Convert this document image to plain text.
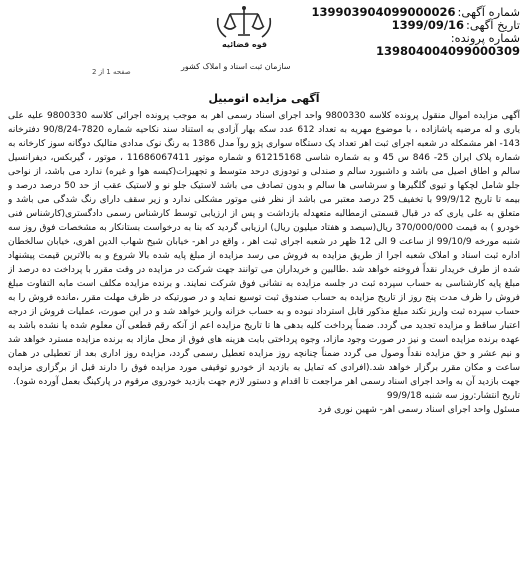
شماره آگهی:
13990390409900002​6
تاریخ آگهی:
1399/09/16
شماره پرونده:
13980400409900030​9
قوه قضائیه
سازمان ثبت اسناد و املاک کشور
صفحه 1 از 2
آگهی مزایده اتومبیل

آگهی مزایده اموال منقول پرونده کلاسه 9800330 واحد اجرای اسناد رسمی اهر به موجب پرونده اجرائی کلاسه 9800330 علیه علی یاری و له مرضیه پاشازاده ، با موضوع مهریه به تعداد 612 عدد سکه بهار آزادی به استناد سند نکاحیه شماره 7820-90/8/24 دفترخانه 143- اهر مشمکله در شعبه اجرای ثبت اهر تعداد یک دستگاه سواری پژو روآ مدل 1386 به رنگ نوک مدادی متالیک دوگانه سوز کارخانه به شماره پلاک ایران 25- 846 س 45 و به شماره شاسی 61215168 و شماره موتور 11686067411 ، موتور ، گیربکس، دیفرانسیل سالم و اطاق اصیل می باشد و داشبورد سالم و صندلی و تودوزی درحد متوسط و تجهیزات(کیسه هوا و غیره) ندارد می باشد، از نواحی جلو شامل لچکها و تیوی گلگیرها و سرشاسی ها سالم و بدون تصادف می باشد لاستیک جلو نو و لاستیک عقب از حد 50 درصد درصد و بیمه تا تاریخ 99/9/12 با تخفیف 25 درصد معتبر می باشد از نظر فنی موتور مشکلی ندارد و زیر سقف دارای رنگ شدگی می باشد و متعلق به علی یاری که در قبال قسمتی ازمطالبه متعهدله بازداشت و پس از ارزیابی توسط کارشناس رسمی دادگستری(کارشناس فنی خودرو ) به قیمت 370/000/000 ریال(سیصد و هفتاد میلیون ریال) ارزیابی گردید که بنا به درخواست بستانکار به مشخصات فوق روز سه شنبه مورخه 99/10/9 از ساعت 9 الی 12 ظهر در شعبه اجرای ثبت اهر ، واقع در اهر- خیابان شیخ شهاب الدین اهری، خیابان سالخطان اداره ثبت اسناد و املاک شعبه اجرا از طریق مزایده به فروش می رسد مزایده از مبلغ پایه شده بالا شروع و به بالاترین قیمت پیشنهاد شده از طرف خریدار نقداً فروخته خواهد شد .طالبین و خریداران می توانند جهت شرکت در مزایده در وقت مقرر با پرداخت ده درصد از مبلغ پایه کارشناسی به حساب سپرده ثبت در جلسه مزایده به نشانی فوق شرکت نمایند. و برنده مزایده مکلف است مابه التفاوت مبلغ فروش را ظرف مدت پنج روز از تاریخ مزایده به حساب صندوق ثبت توسیع نماید و در صورتیکه در ظرف مهلت مقرر ،مانده فروش را به حساب سپرده ثبت واریز نکند مبلغ مذکور قابل استرداد نبوده و به حساب خزانه واریز خواهد شد و در این صورت، عملیات فروش از درجه اعتبار ساقط و مزایده تجدید می گردد. ضمناً پرداخت کلیه بدهی ها تا تاریخ مزایده اعم از آنکه رقم قطعی آن معلوم شده یا نشده باشد به عهده برنده مزایده است و نیز در صورت وجود مازاد، وجوه پرداختی بابت هزینه های فوق از محل مازاد به برنده مزایده مسترد خواهد شد و نیم عشر و حق مزایده نقداً وصول می گردد ضمناً چنانچه روز مزایده تعطیل رسمی گردد، مزایده روز اداری بعد از تعطیلی در همان ساعت و مکان مقرر برگزار خواهد شد.(افرادی که تمایل به بازدید از خودرو توقیفی مورد مزایده فوق را دارند قبل از برگزاری مزایده جهت بازدید آن به واحد اجرای اسناد رسمی اهر مراجعت تا اقدام و دستور لازم جهت بازدید خودروی مرقوم در پارکینگ بعمل آورده شود).

تاریخ انتشار:روز سه شنبه 99/9/18
مسئول واحد اجرای اسناد رسمی اهر- شهین نوری فرد
